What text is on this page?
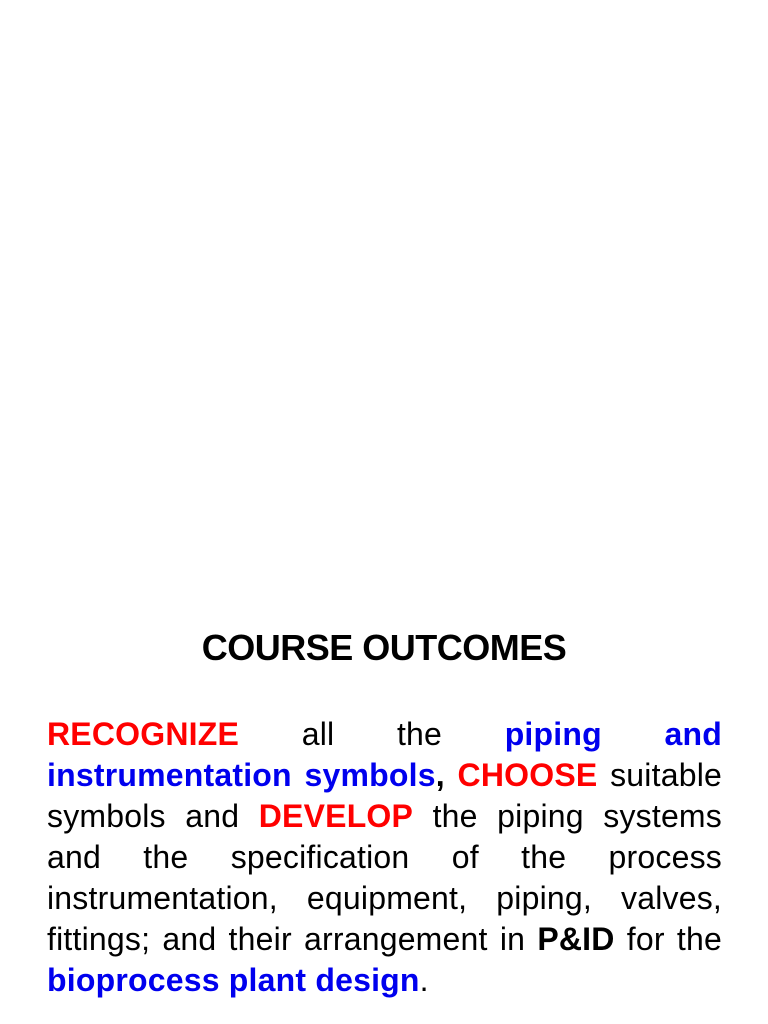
COURSE OUTCOMES
RECOGNIZE all the piping and instrumentation symbols, CHOOSE suitable symbols and DEVELOP the piping systems and the specification of the process instrumentation, equipment, piping, valves, fittings; and their arrangement in P&ID for the bioprocess plant design.
